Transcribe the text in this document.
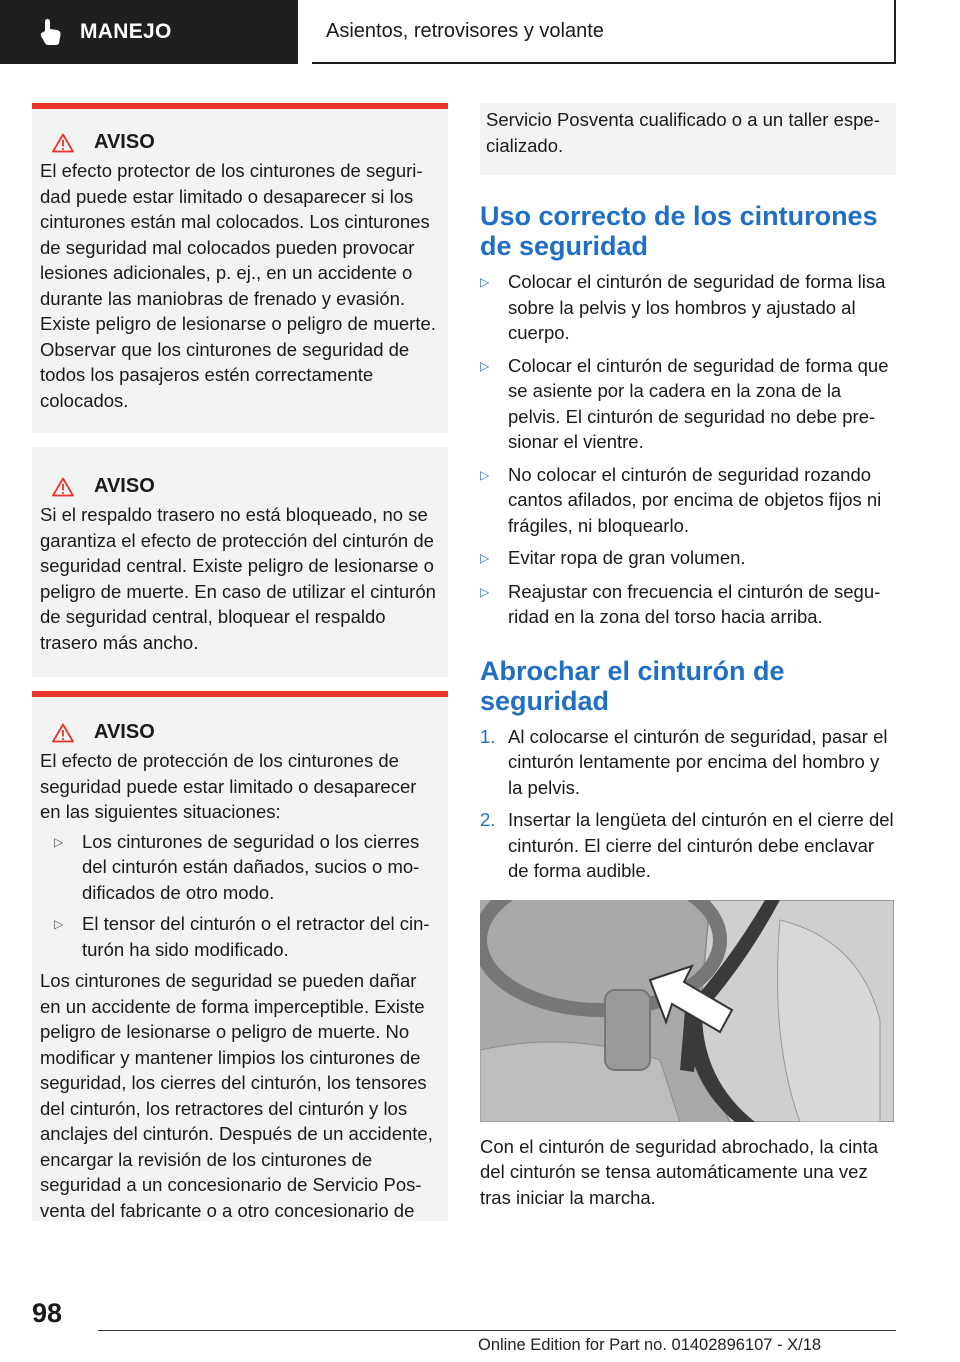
MANEJO	Asientos, retrovisores y volante
AVISO

El efecto protector de los cinturones de seguridad puede estar limitado o desaparecer si los cinturones están mal colocados. Los cinturones de seguridad mal colocados pueden provocar lesiones adicionales, p. ej., en un accidente o durante las maniobras de frenado y evasión. Existe peligro de lesionarse o peligro de muerte. Observar que los cinturones de seguridad de todos los pasajeros estén correctamente colocados.

AVISO

Si el respaldo trasero no está bloqueado, no se garantiza el efecto de protección del cinturón de seguridad central. Existe peligro de lesionarse o peligro de muerte. En caso de utilizar el cinturón de seguridad central, bloquear el respaldo trasero más ancho.

AVISO

El efecto de protección de los cinturones de seguridad puede estar limitado o desaparecer en las siguientes situaciones:

▷	Los cinturones de seguridad o los cierres del cinturón están dañados, sucios o modificados de otro modo.
▷	El tensor del cinturón o el retractor del cinturón ha sido modificado.

Los cinturones de seguridad se pueden dañar en un accidente de forma imperceptible. Existe peligro de lesionarse o peligro de muerte. No modificar y mantener limpios los cinturones de seguridad, los cierres del cinturón, los tensores del cinturón, los retractores del cinturón y los anclajes del cinturón. Después de un accidente, encargar la revisión de los cinturones de seguridad a un concesionario de Servicio Posventa del fabricante o a otro concesionario de

Servicio Posventa cualificado o a un taller especializado.

Uso correcto de los cinturones de seguridad
▷	Colocar el cinturón de seguridad de forma lisa sobre la pelvis y los hombros y ajustado al cuerpo.
▷	Colocar el cinturón de seguridad de forma que se asiente por la cadera en la zona de la pelvis. El cinturón de seguridad no debe presionar el vientre.
▷	No colocar el cinturón de seguridad rozando cantos afilados, por encima de objetos fijos ni frágiles, ni bloquearlo.
▷	Evitar ropa de gran volumen.
▷	Reajustar con frecuencia el cinturón de seguridad en la zona del torso hacia arriba.
Abrochar el cinturón de seguridad
1. Al colocarse el cinturón de seguridad, pasar el cinturón lentamente por encima del hombro y la pelvis.
2. Insertar la lengüeta del cinturón en el cierre del cinturón. El cierre del cinturón debe enclavar de forma audible.

Con el cinturón de seguridad abrochado, la cinta del cinturón se tensa automáticamente una vez tras iniciar la marcha.

98
Online Edition for Part no. 01402896107 - X/18
